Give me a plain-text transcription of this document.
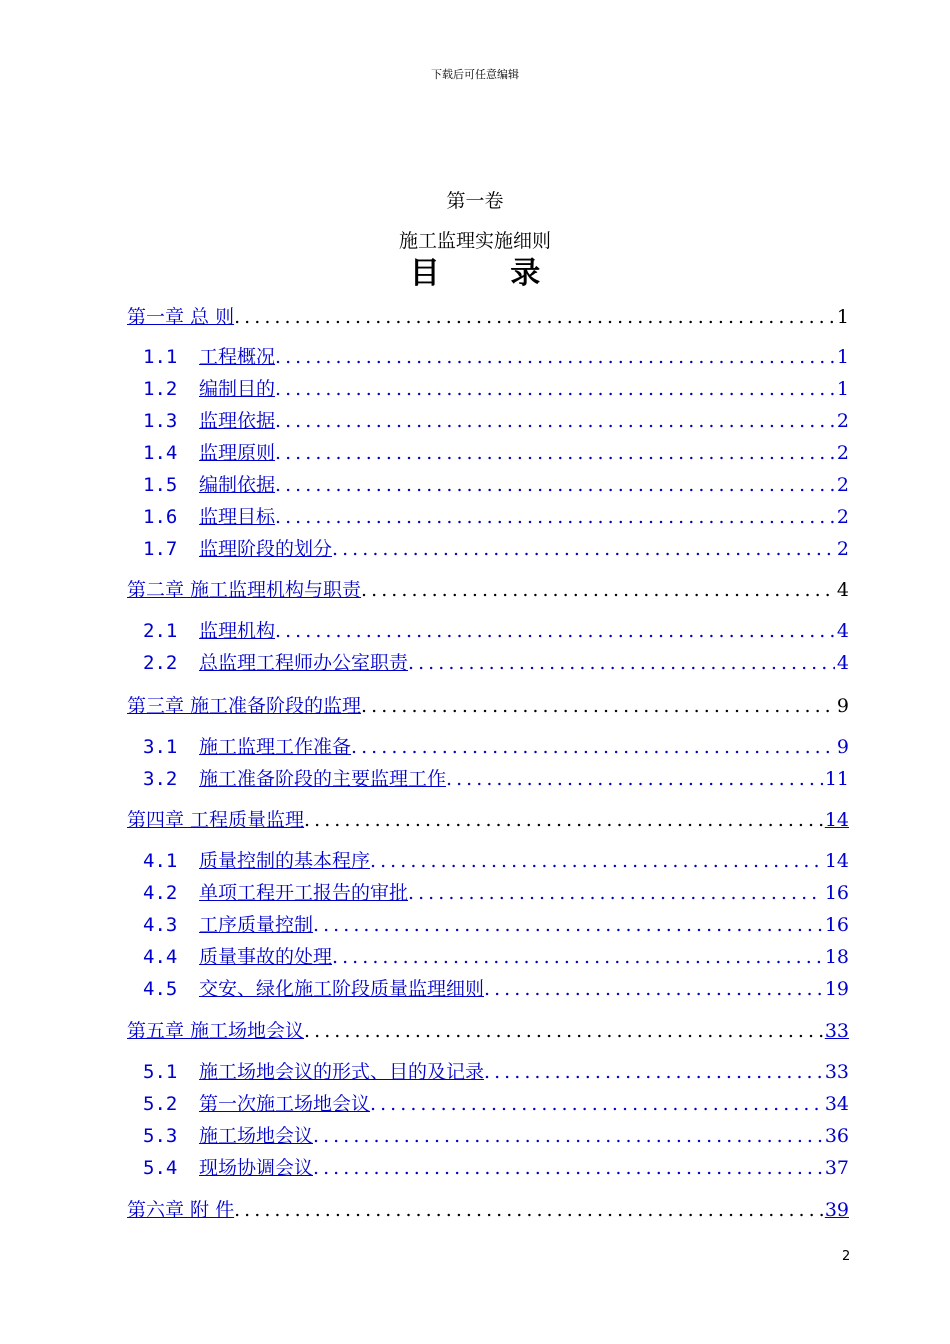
下载后可任意编辑
第一卷
施工监理实施细则
目 录
第一章 总 则 . . .	1
1.1 工程概况 . . .	1
1.2 编制目的 . . .	1
1.3 监理依据 . . .	2
1.4 监理原则 . . .	2
1.5 编制依据 . . .	2
1.6 监理目标 . . .	2
1.7 监理阶段的划分 . . .	2
第二章 施工监理机构与职责 . . .	4
2.1 监理机构 . . .	4
2.2 总监理工程师办公室职责 . . .	4
第三章 施工准备阶段的监理 . . .	9
3.1 施工监理工作准备 . . .	9
3.2 施工准备阶段的主要监理工作 . . .	11
第四章 工程质量监理 . . .	14
4.1 质量控制的基本程序 . . .	14
4.2 单项工程开工报告的审批 . . .	16
4.3 工序质量控制 . . .	16
4.4 质量事故的处理 . . .	18
4.5 交安、绿化施工阶段质量监理细则 . . .	19
第五章 施工场地会议 . . .	33
5.1 施工场地会议的形式、目的及记录 . . .	33
5.2 第一次施工场地会议 . . .	34
5.3 施工场地会议 . . .	36
5.4 现场协调会议 . . .	37
第六章 附 件 . . .	39
2
